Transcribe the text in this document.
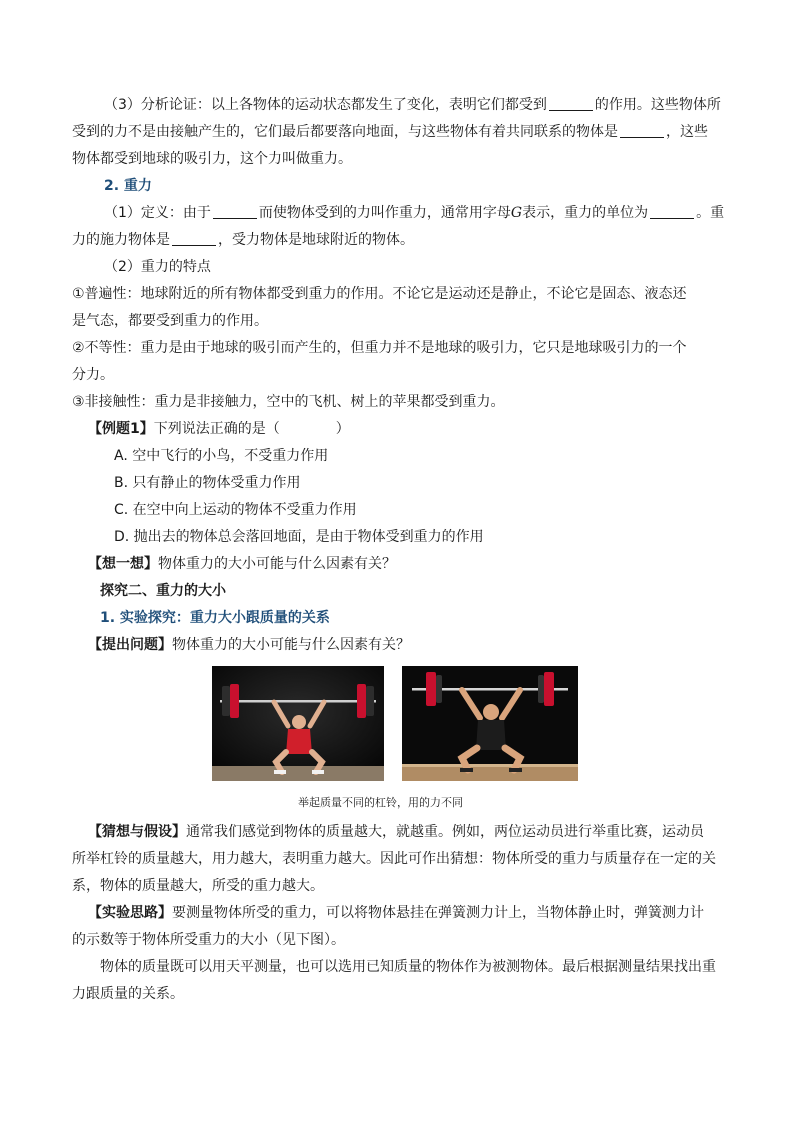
（3）分析论证：以上各物体的运动状态都发生了变化，表明它们都受到	的作用。这些物体所
受到的力不是由接触产生的，它们最后都要落向地面，与这些物体有着共同联系的物体是	，这些
物体都受到地球的吸引力，这个力叫做重力。
2. 重力
（1）定义：由于	而使物体受到的力叫作重力，通常用字母G表示，重力的单位为	。重
力的施力物体是	，受力物体是地球附近的物体。
（2）重力的特点
①普遍性：地球附近的所有物体都受到重力的作用。不论它是运动还是静止，不论它是固态、液态还
是气态，都要受到重力的作用。
②不等性：重力是由于地球的吸引而产生的，但重力并不是地球的吸引力，它只是地球吸引力的一个
分力。
③非接触性：重力是非接触力，空中的飞机、树上的苹果都受到重力。
【例题1】下列说法正确的是（　　　　）
A. 空中飞行的小鸟，不受重力作用
B. 只有静止的物体受重力作用
C. 在空中向上运动的物体不受重力作用
D. 抛出去的物体总会落回地面，是由于物体受到重力的作用
【想一想】物体重力的大小可能与什么因素有关？
探究二、重力的大小
1. 实验探究：重力大小跟质量的关系
【提出问题】物体重力的大小可能与什么因素有关？
举起质量不同的杠铃，用的力不同
【猜想与假设】通常我们感觉到物体的质量越大，就越重。例如，两位运动员进行举重比赛，运动员
所举杠铃的质量越大，用力越大，表明重力越大。因此可作出猜想：物体所受的重力与质量存在一定的关
系，物体的质量越大，所受的重力越大。
【实验思路】要测量物体所受的重力，可以将物体悬挂在弹簧测力计上，当物体静止时，弹簧测力计
的示数等于物体所受重力的大小（见下图）。
物体的质量既可以用天平测量，也可以选用已知质量的物体作为被测物体。最后根据测量结果找出重
力跟质量的关系。
